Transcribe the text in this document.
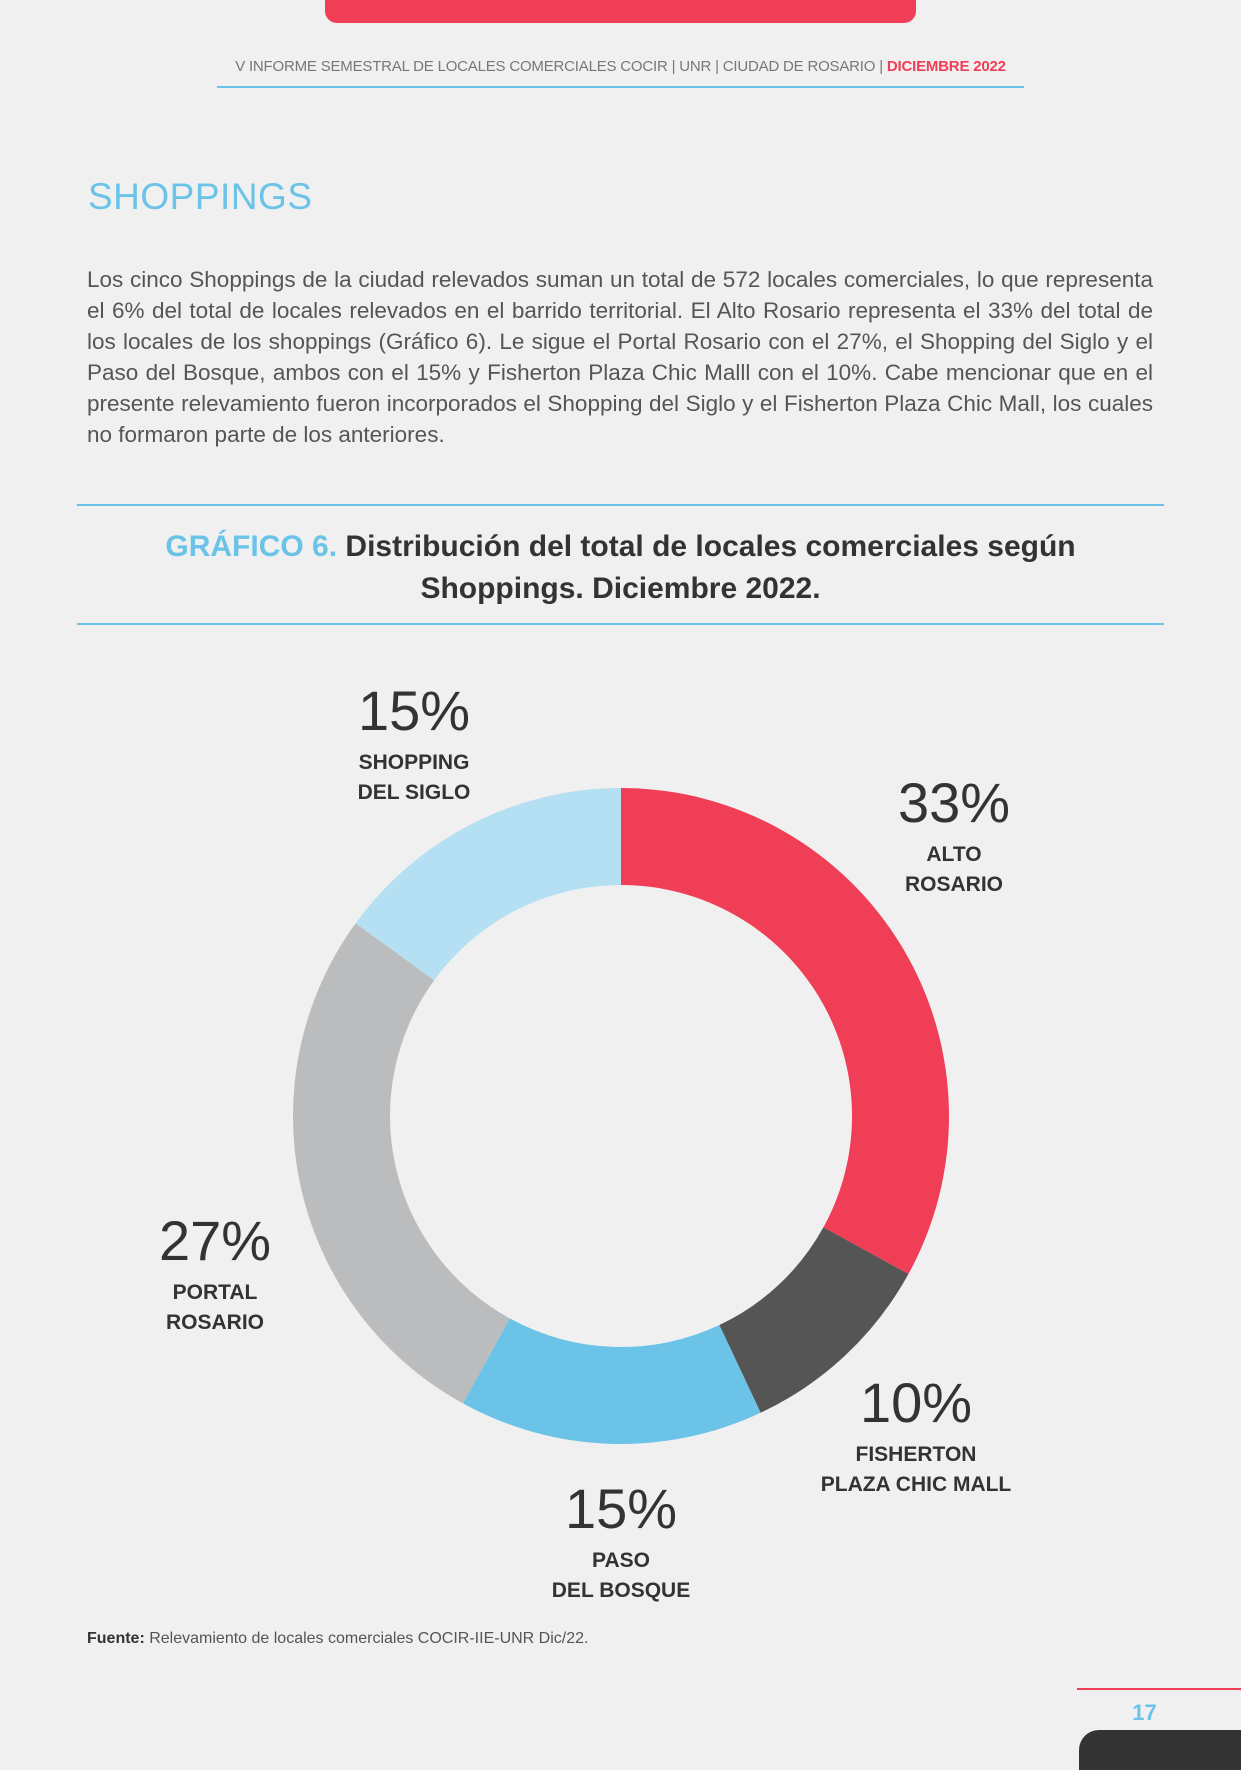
V INFORME SEMESTRAL DE LOCALES COMERCIALES COCIR | UNR | CIUDAD DE ROSARIO | DICIEMBRE 2022
SHOPPINGS

Los cinco Shoppings de la ciudad relevados suman un total de 572 locales comerciales, lo que representa el 6% del total de locales relevados en el barrido territorial. El Alto Rosario representa el 33% del total de los locales de los shoppings (Gráfico 6). Le sigue el Portal Rosario con el 27%, el Shopping del Siglo y el Paso del Bosque, ambos con el 15% y Fisherton Plaza Chic Malll con el 10%. Cabe mencionar que en el presente relevamiento fueron incorporados el Shopping del Siglo y el Fisherton Plaza Chic Mall, los cuales no formaron parte de los anteriores.

GRÁFICO 6. Distribución del total de locales comerciales según Shoppings. Diciembre 2022.
33%
ALTO
ROSARIO
10%
FISHERTON
PLAZA CHIC MALL
15%
PASO
DEL BOSQUE
27%
PORTAL
ROSARIO
15%
SHOPPING
DEL SIGLO

Fuente: Relevamiento de locales comerciales COCIR-IIE-UNR Dic/22.

17
